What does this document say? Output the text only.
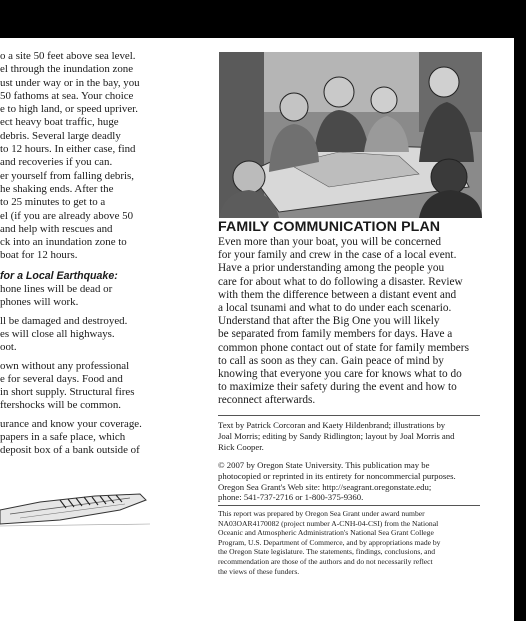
o a site 50 feet above sea level.
el through the inundation zone
ust under way or in the bay, you
50 fathoms at sea. Your choice
e to high land, or speed upriver.
ect heavy boat traffic, huge
debris. Several large deadly
to 12 hours. In either case, find
and recoveries if you can.
er yourself from falling debris,
he shaking ends. After the
to 25 minutes to get to a
el (if you are already above 50
and help with rescues and
ck into an inundation zone to
boat for 12 hours.
for a Local Earthquake:
hone lines will be dead or
phones will work.
ll be damaged and destroyed.
es will close all highways.
oot.
own without any professional
e for several days. Food and
in short supply. Structural fires
ftershocks will be common.
urance and know your coverage.
papers in a safe place, which
deposit box of a bank outside of
FAMILY COMMUNICATION PLAN
Even more than your boat, you will be concerned
for your family and crew in the case of a local event.
Have a prior understanding among the people you
care for about what to do following a disaster. Review
with them the difference between a distant event and
a local tsunami and what to do under each scenario.
Understand that after the Big One you will likely
be separated from family members for days. Have a
common phone contact out of state for family members
to call as soon as they can. Gain peace of mind by
knowing that everyone you care for knows what to do
to maximize their safety during the event and how to
reconnect afterwards.
Text by Patrick Corcoran and Kaety Hildenbrand; illustrations by
Joal Morris; editing by Sandy Ridlington; layout by Joal Morris and
Rick Cooper.
© 2007 by Oregon State University. This publication may be
photocopied or reprinted in its entirety for noncommercial purposes.
Oregon Sea Grant's Web site: http://seagrant.oregonstate.edu;
phone: 541-737-2716 or 1-800-375-9360.
This report was prepared by Oregon Sea Grant under award number
NA03OAR4170082 (project number A-CNH-04-CSI) from the National
Oceanic and Atmospheric Administration's National Sea Grant College
Program, U.S. Department of Commerce, and by appropriations made by
the Oregon State legislature. The statements, findings, conclusions, and
recommendation are those of the authors and do not necessarily reflect
the views of these funders.
